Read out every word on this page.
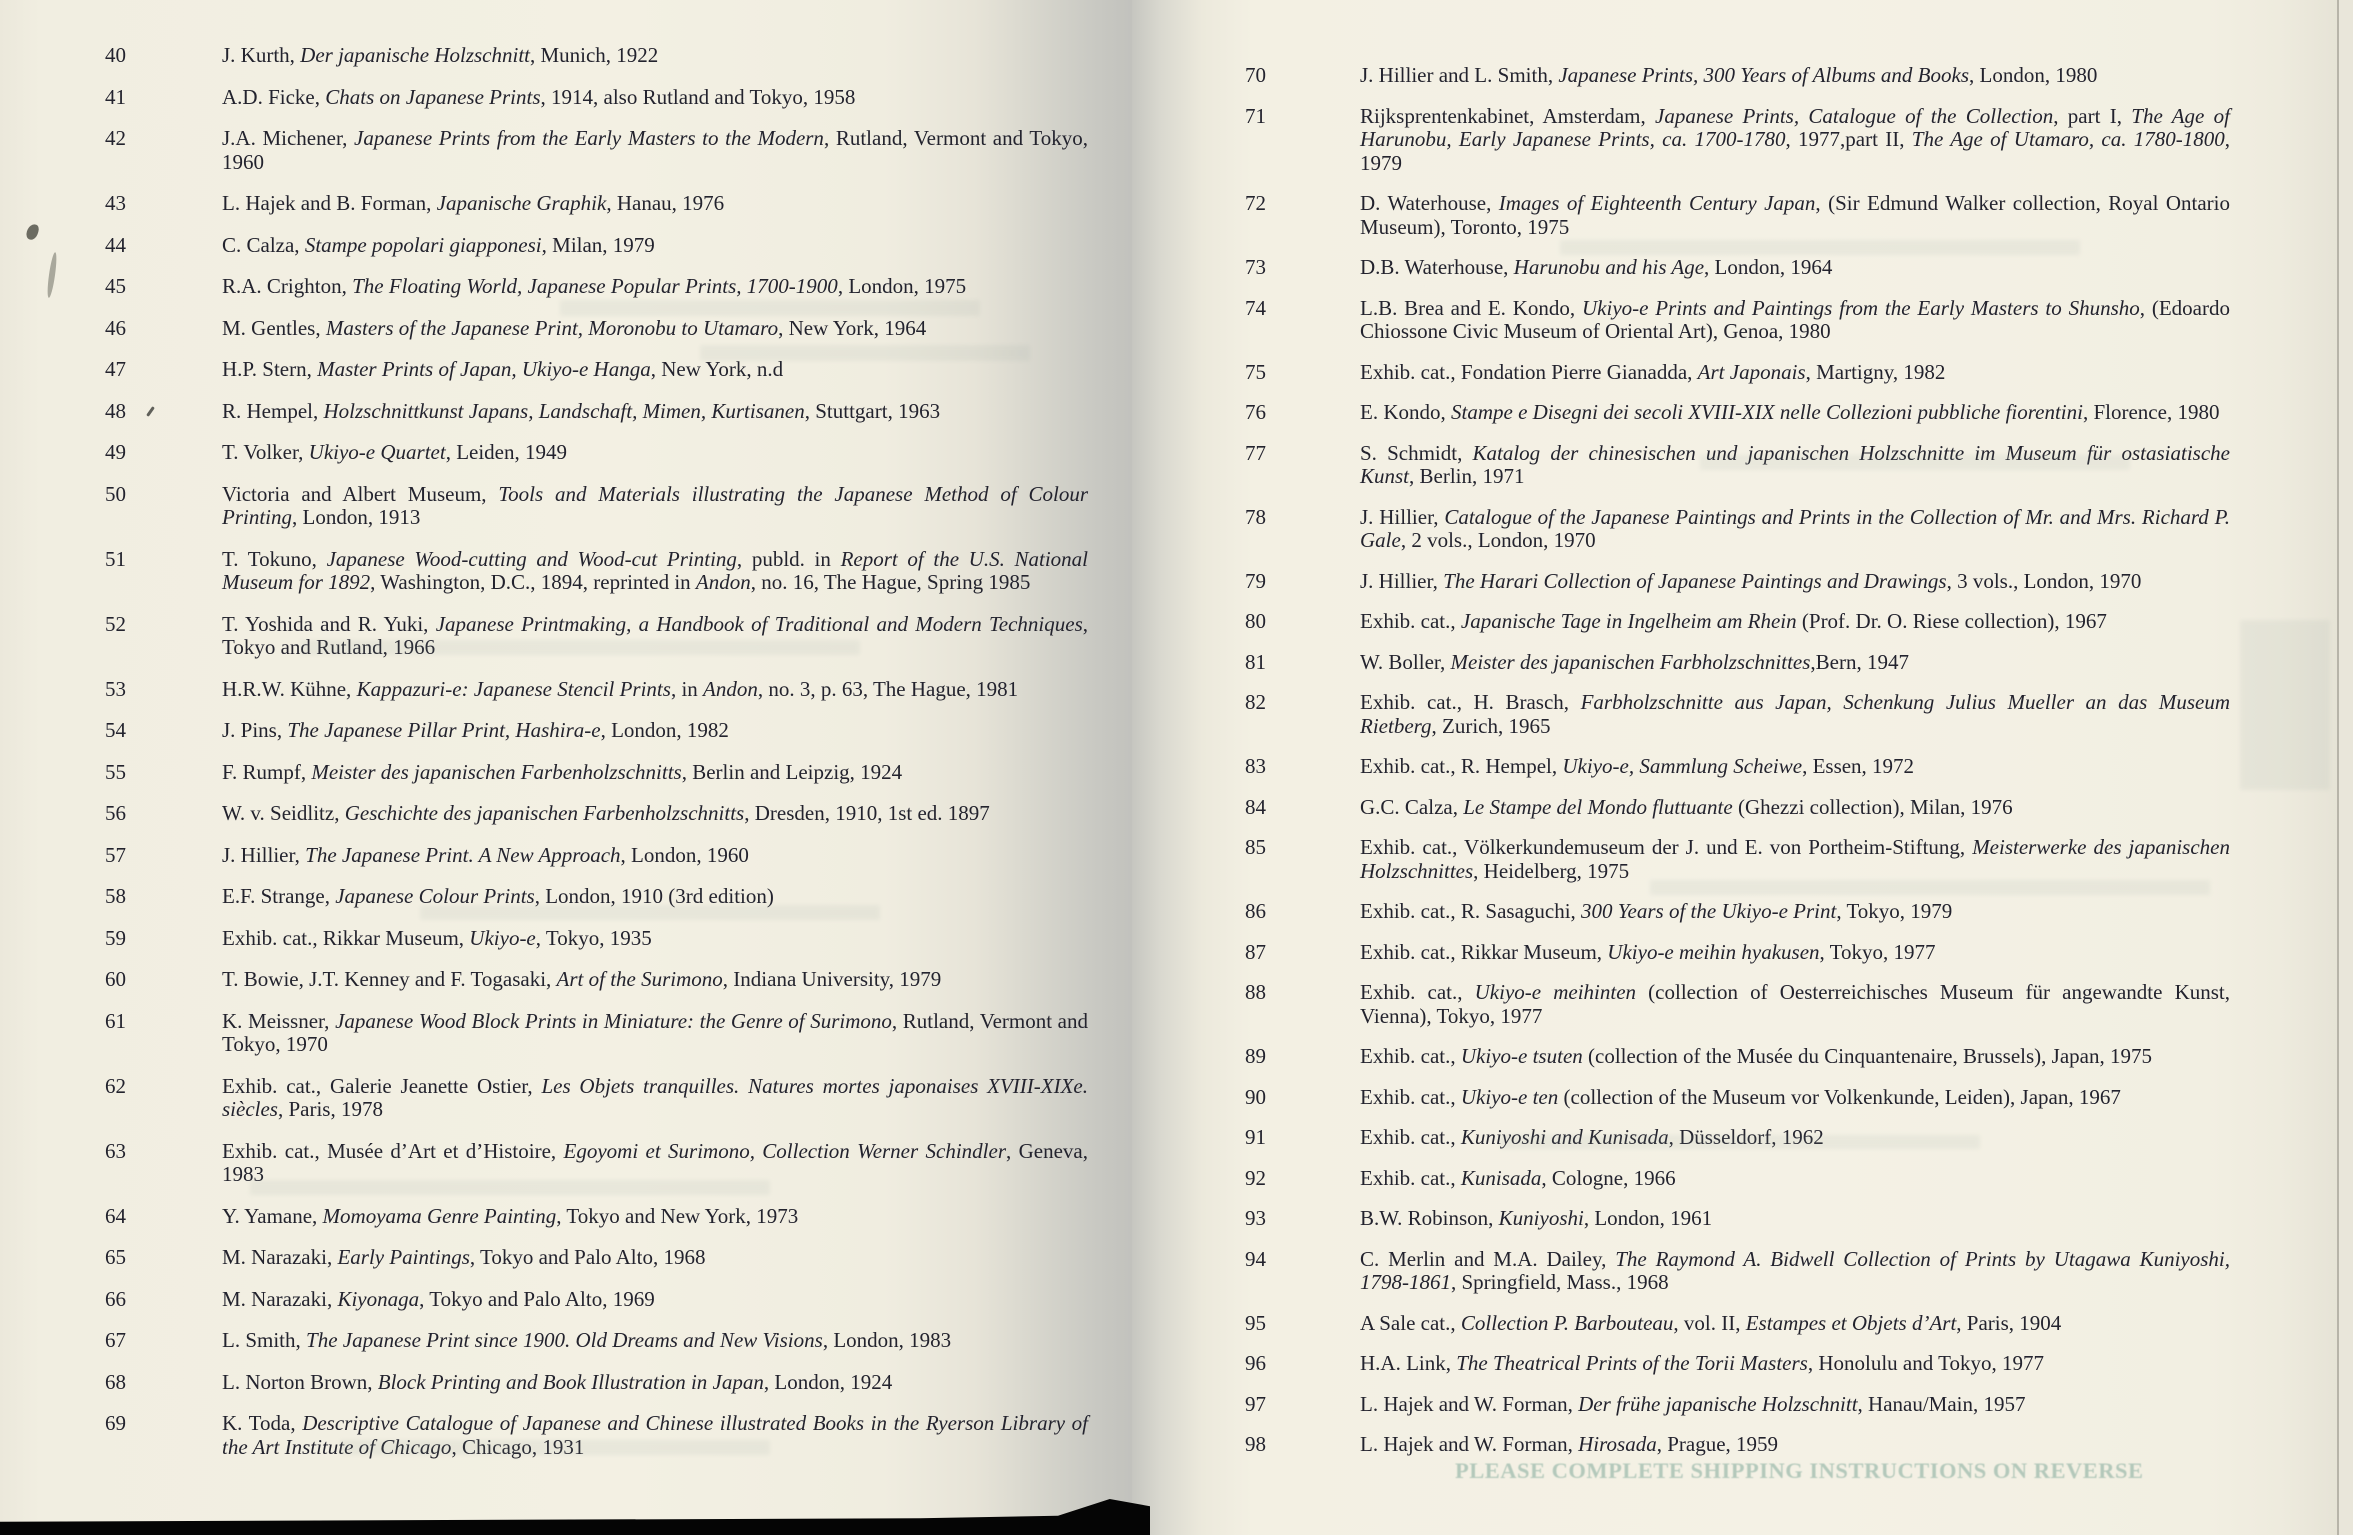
40	J. Kurth, Der japanische Holzschnitt, Munich, 1922
41	A.D. Ficke, Chats on Japanese Prints, 1914, also Rutland and Tokyo, 1958
42	J.A. Michener, Japanese Prints from the Early Masters to the Modern, Rutland, Vermont and Tokyo, 1960
43	L. Hajek and B. Forman, Japanische Graphik, Hanau, 1976
44	C. Calza, Stampe popolari giapponesi, Milan, 1979
45	R.A. Crighton, The Floating World, Japanese Popular Prints, 1700-1900, London, 1975
46	M. Gentles, Masters of the Japanese Print, Moronobu to Utamaro, New York, 1964
47	H.P. Stern, Master Prints of Japan, Ukiyo-e Hanga, New York, n.d
48	R. Hempel, Holzschnittkunst Japans, Landschaft, Mimen, Kurtisanen, Stuttgart, 1963
49	T. Volker, Ukiyo-e Quartet, Leiden, 1949
50	Victoria and Albert Museum, Tools and Materials illustrating the Japanese Method of Colour Printing, London, 1913
51	T. Tokuno, Japanese Wood-cutting and Wood-cut Printing, publd. in Report of the U.S. National Museum for 1892, Washington, D.C., 1894, reprinted in Andon, no. 16, The Hague, Spring 1985
52	T. Yoshida and R. Yuki, Japanese Printmaking, a Handbook of Traditional and Modern Techniques, Tokyo and Rutland, 1966
53	H.R.W. Kühne, Kappazuri-e: Japanese Stencil Prints, in Andon, no. 3, p. 63, The Hague, 1981
54	J. Pins, The Japanese Pillar Print, Hashira-e, London, 1982
55	F. Rumpf, Meister des japanischen Farbenholzschnitts, Berlin and Leipzig, 1924
56	W. v. Seidlitz, Geschichte des japanischen Farbenholzschnitts, Dresden, 1910, 1st ed. 1897
57	J. Hillier, The Japanese Print. A New Approach, London, 1960
58	E.F. Strange, Japanese Colour Prints, London, 1910 (3rd edition)
59	Exhib. cat., Rikkar Museum, Ukiyo-e, Tokyo, 1935
60	T. Bowie, J.T. Kenney and F. Togasaki, Art of the Surimono, Indiana University, 1979
61	K. Meissner, Japanese Wood Block Prints in Miniature: the Genre of Surimono, Rutland, Vermont and Tokyo, 1970
62	Exhib. cat., Galerie Jeanette Ostier, Les Objets tranquilles. Natures mortes japonaises XVIII-XIXe. siècles, Paris, 1978
63	Exhib. cat., Musée d’Art et d’Histoire, Egoyomi et Surimono, Collection Werner Schindler, Geneva, 1983
64	Y. Yamane, Momoyama Genre Painting, Tokyo and New York, 1973
65	M. Narazaki, Early Paintings, Tokyo and Palo Alto, 1968
66	M. Narazaki, Kiyonaga, Tokyo and Palo Alto, 1969
67	L. Smith, The Japanese Print since 1900. Old Dreams and New Visions, London, 1983
68	L. Norton Brown, Block Printing and Book Illustration in Japan, London, 1924
69	K. Toda, Descriptive Catalogue of Japanese and Chinese illustrated Books in the Ryerson Library of the Art Institute of Chicago, Chicago, 1931
70	J. Hillier and L. Smith, Japanese Prints, 300 Years of Albums and Books, London, 1980
71	Rijksprentenkabinet, Amsterdam, Japanese Prints, Catalogue of the Collection, part I, The Age of Harunobu, Early Japanese Prints, ca. 1700-1780, 1977,part II, The Age of Utamaro, ca. 1780-1800, 1979
72	D. Waterhouse, Images of Eighteenth Century Japan, (Sir Edmund Walker collection, Royal Ontario Museum), Toronto, 1975
73	D.B. Waterhouse, Harunobu and his Age, London, 1964
74	L.B. Brea and E. Kondo, Ukiyo-e Prints and Paintings from the Early Masters to Shunsho, (Edoardo Chiossone Civic Museum of Oriental Art), Genoa, 1980
75	Exhib. cat., Fondation Pierre Gianadda, Art Japonais, Martigny, 1982
76	E. Kondo, Stampe e Disegni dei secoli XVIII-XIX nelle Collezioni pubbliche fiorentini, Florence, 1980
77	S. Schmidt, Katalog der chinesischen und japanischen Holzschnitte im Museum für ostasiatische Kunst, Berlin, 1971
78	J. Hillier, Catalogue of the Japanese Paintings and Prints in the Collection of Mr. and Mrs. Richard P. Gale, 2 vols., London, 1970
79	J. Hillier, The Harari Collection of Japanese Paintings and Drawings, 3 vols., London, 1970
80	Exhib. cat., Japanische Tage in Ingelheim am Rhein (Prof. Dr. O. Riese collection), 1967
81	W. Boller, Meister des japanischen Farbholzschnittes,Bern, 1947
82	Exhib. cat., H. Brasch, Farbholzschnitte aus Japan, Schenkung Julius Mueller an das Museum Rietberg, Zurich, 1965
83	Exhib. cat., R. Hempel, Ukiyo-e, Sammlung Scheiwe, Essen, 1972
84	G.C. Calza, Le Stampe del Mondo fluttuante (Ghezzi collection), Milan, 1976
85	Exhib. cat., Völkerkundemuseum der J. und E. von Portheim-Stiftung, Meisterwerke des japanischen Holzschnittes, Heidelberg, 1975
86	Exhib. cat., R. Sasaguchi, 300 Years of the Ukiyo-e Print, Tokyo, 1979
87	Exhib. cat., Rikkar Museum, Ukiyo-e meihin hyakusen, Tokyo, 1977
88	Exhib. cat., Ukiyo-e meihinten (collection of Oesterreichisches Museum für angewandte Kunst, Vienna), Tokyo, 1977
89	Exhib. cat., Ukiyo-e tsuten (collection of the Musée du Cinquantenaire, Brussels), Japan, 1975
90	Exhib. cat., Ukiyo-e ten (collection of the Museum vor Volkenkunde, Leiden), Japan, 1967
91	Exhib. cat., Kuniyoshi and Kunisada, Düsseldorf, 1962
92	Exhib. cat., Kunisada, Cologne, 1966
93	B.W. Robinson, Kuniyoshi, London, 1961
94	C. Merlin and M.A. Dailey, The Raymond A. Bidwell Collection of Prints by Utagawa Kuniyoshi, 1798-1861, Springfield, Mass., 1968
95	A Sale cat., Collection P. Barbouteau, vol. II, Estampes et Objets d’Art, Paris, 1904
96	H.A. Link, The Theatrical Prints of the Torii Masters, Honolulu and Tokyo, 1977
97	L. Hajek and W. Forman, Der frühe japanische Holzschnitt, Hanau/Main, 1957
98	L. Hajek and W. Forman, Hirosada, Prague, 1959
PLEASE COMPLETE SHIPPING INSTRUCTIONS ON REVERSE
